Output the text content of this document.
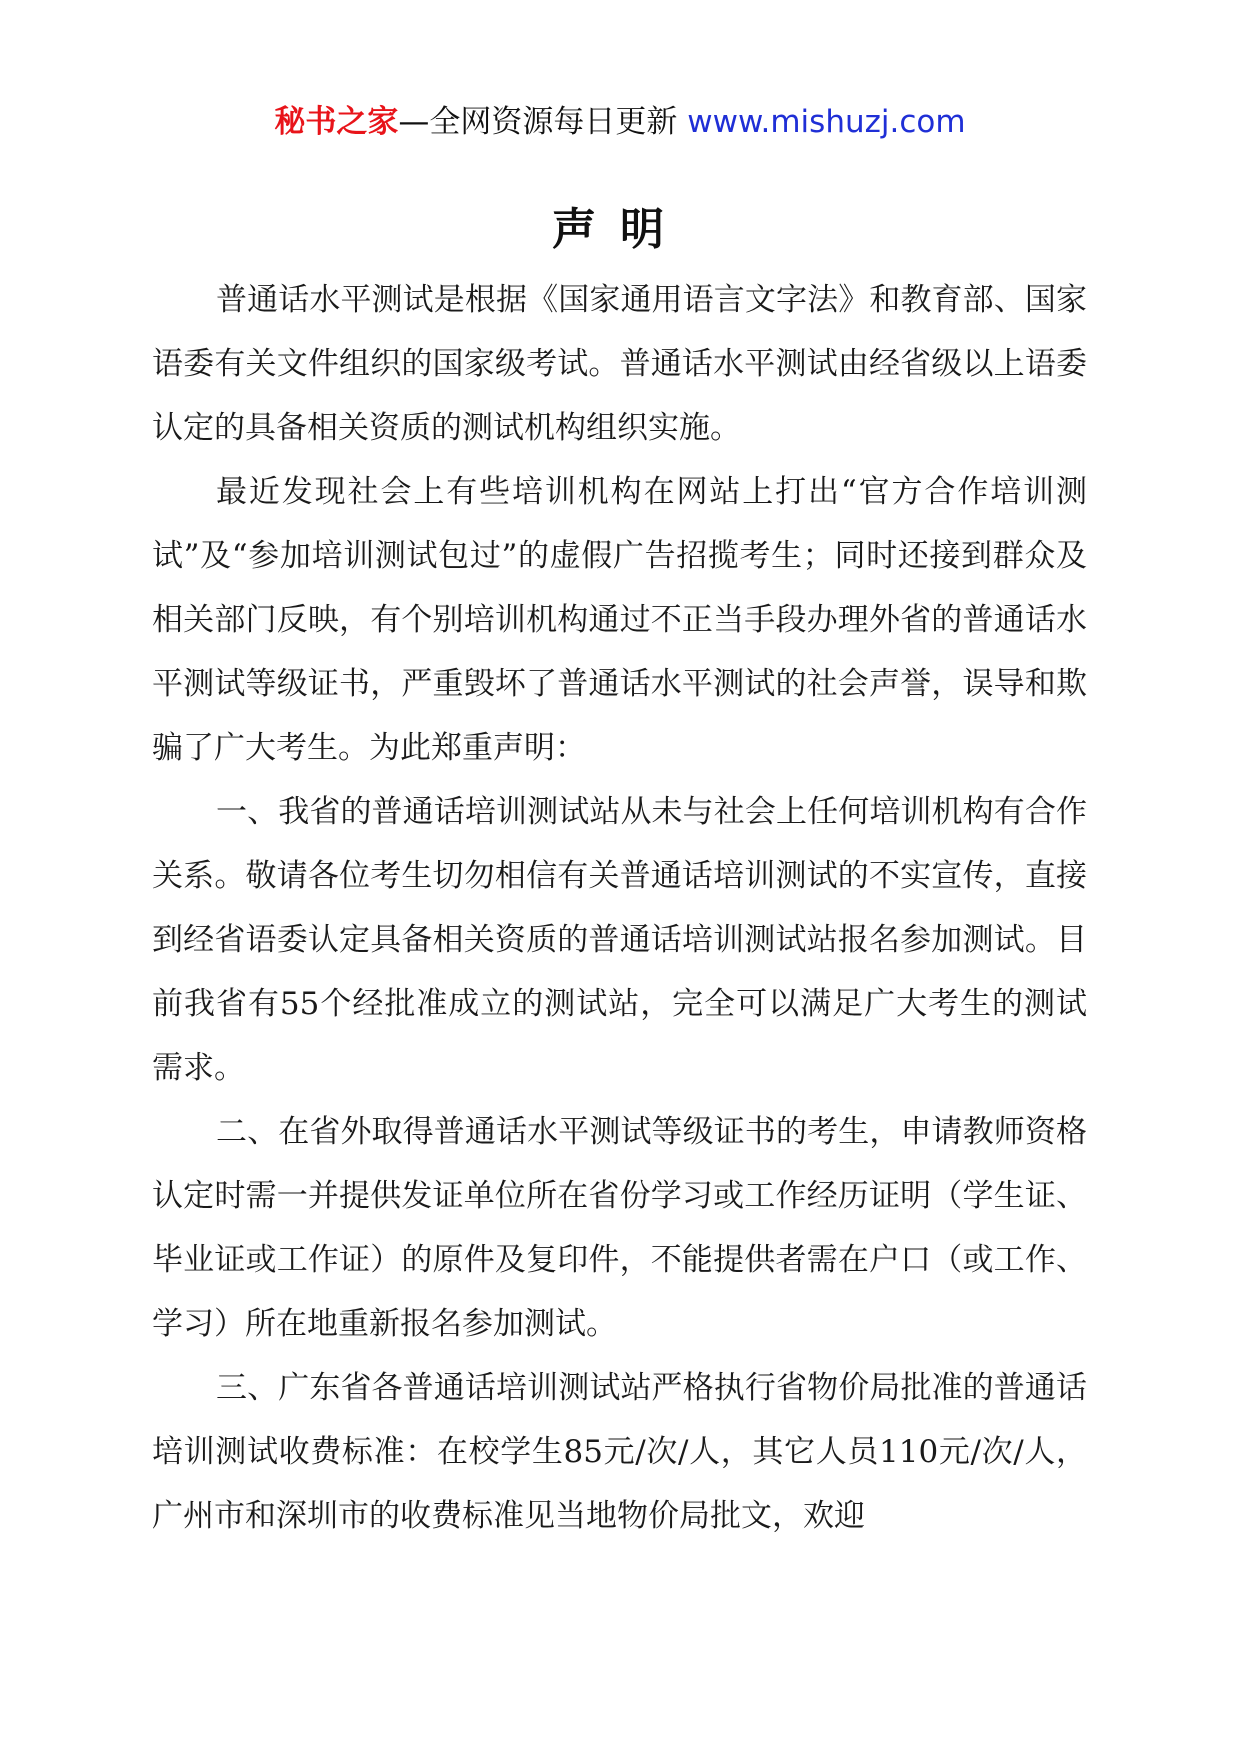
秘书之家—全网资源每日更新 www.mishuzj.com
声明

普通话水平测试是根据《国家通用语言文字法》和教育部、国家语委有关文件组织的国家级考试。普通话水平测试由经省级以上语委认定的具备相关资质的测试机构组织实施。

最近发现社会上有些培训机构在网站上打出“官方合作培训测试”及“参加培训测试包过”的虚假广告招揽考生；同时还接到群众及相关部门反映，有个别培训机构通过不正当手段办理外省的普通话水平测试等级证书，严重毁坏了普通话水平测试的社会声誉，误导和欺骗了广大考生。为此郑重声明：

一、我省的普通话培训测试站从未与社会上任何培训机构有合作关系。敬请各位考生切勿相信有关普通话培训测试的不实宣传，直接到经省语委认定具备相关资质的普通话培训测试站报名参加测试。目前我省有55个经批准成立的测试站，完全可以满足广大考生的测试需求。

二、在省外取得普通话水平测试等级证书的考生，申请教师资格认定时需一并提供发证单位所在省份学习或工作经历证明（学生证、毕业证或工作证）的原件及复印件，不能提供者需在户口（或工作、学习）所在地重新报名参加测试。

三、广东省各普通话培训测试站严格执行省物价局批准的普通话培训测试收费标准：在校学生85元/次/人，其它人员110元/次/人，广州市和深圳市的收费标准见当地物价局批文，欢迎
